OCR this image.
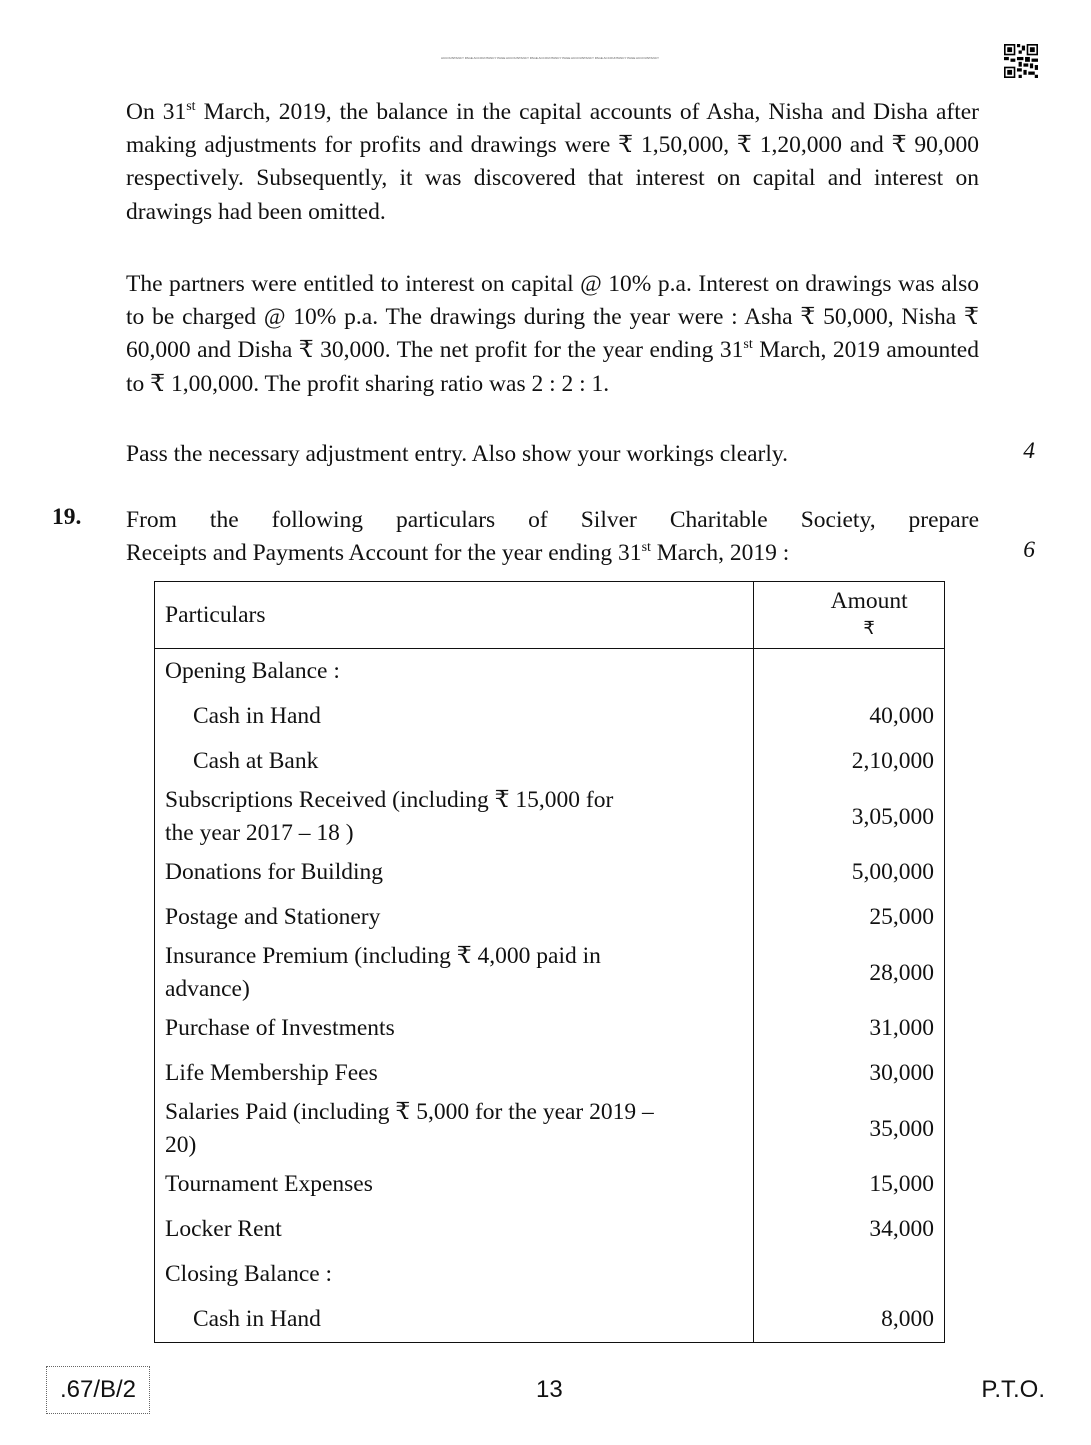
ACCOUNTANCY PAGE ACCOUNTANCY PAGE ACCOUNTANCY PAGE ACCOUNTANCY PAGE ACCOUNTANCY PAGE ACCOUNTANCY PAGE ACCOUNTANCY

On 31st March, 2019, the balance in the capital accounts of Asha, Nisha and Disha after making adjustments for profits and drawings were ₹ 1,50,000, ₹ 1,20,000 and ₹ 90,000 respectively. Subsequently, it was discovered that interest on capital and interest on drawings had been omitted.

The partners were entitled to interest on capital @ 10% p.a. Interest on drawings was also to be charged @ 10% p.a. The drawings during the year were : Asha ₹ 50,000, Nisha ₹ 60,000 and Disha ₹ 30,000. The net profit for the year ending 31st March, 2019 amounted to ₹ 1,00,000. The profit sharing ratio was 2 : 2 : 1.

Pass the necessary adjustment entry. Also show your workings clearly.	4
19. From the following particulars of Silver Charitable Society, prepare
Receipts and Payments Account for the year ending 31st March, 2019 :	6
Particulars	Amount
₹

Opening Balance :	
Cash in Hand	40,000
Cash at Bank	2,10,000
Subscriptions Received (including ₹ 15,000 for the year 2017 – 18 )	3,05,000
Donations for Building	5,00,000
Postage and Stationery	25,000
Insurance Premium (including ₹ 4,000 paid in advance)	28,000
Purchase of Investments	31,000
Life Membership Fees	30,000
Salaries Paid (including ₹ 5,000 for the year 2019 – 20)	35,000
Tournament Expenses	15,000
Locker Rent	34,000
Closing Balance :	
Cash in Hand	8,000
.67/B/2	13	P.T.O.
